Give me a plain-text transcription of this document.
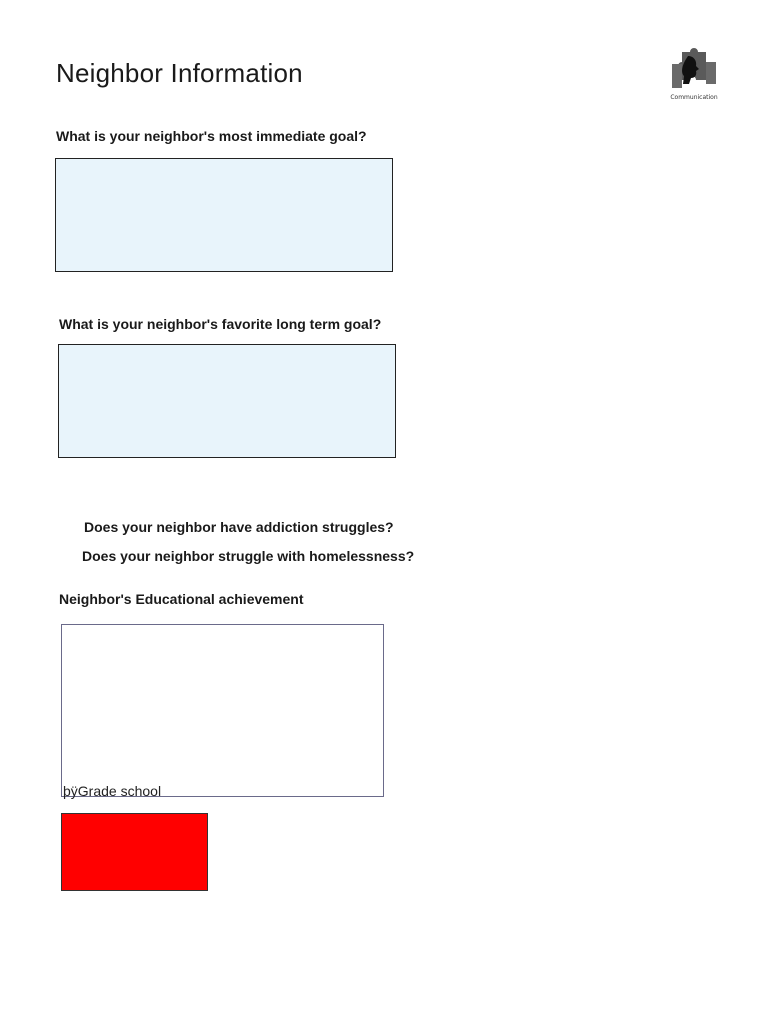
Neighbor Information
Communication
What is your neighbor's most immediate goal?
What is your neighbor's favorite long term goal?
Does your neighbor have addiction struggles?
Does your neighbor struggle with homelessness?
Neighbor's Educational achievement
þÿGrade school
